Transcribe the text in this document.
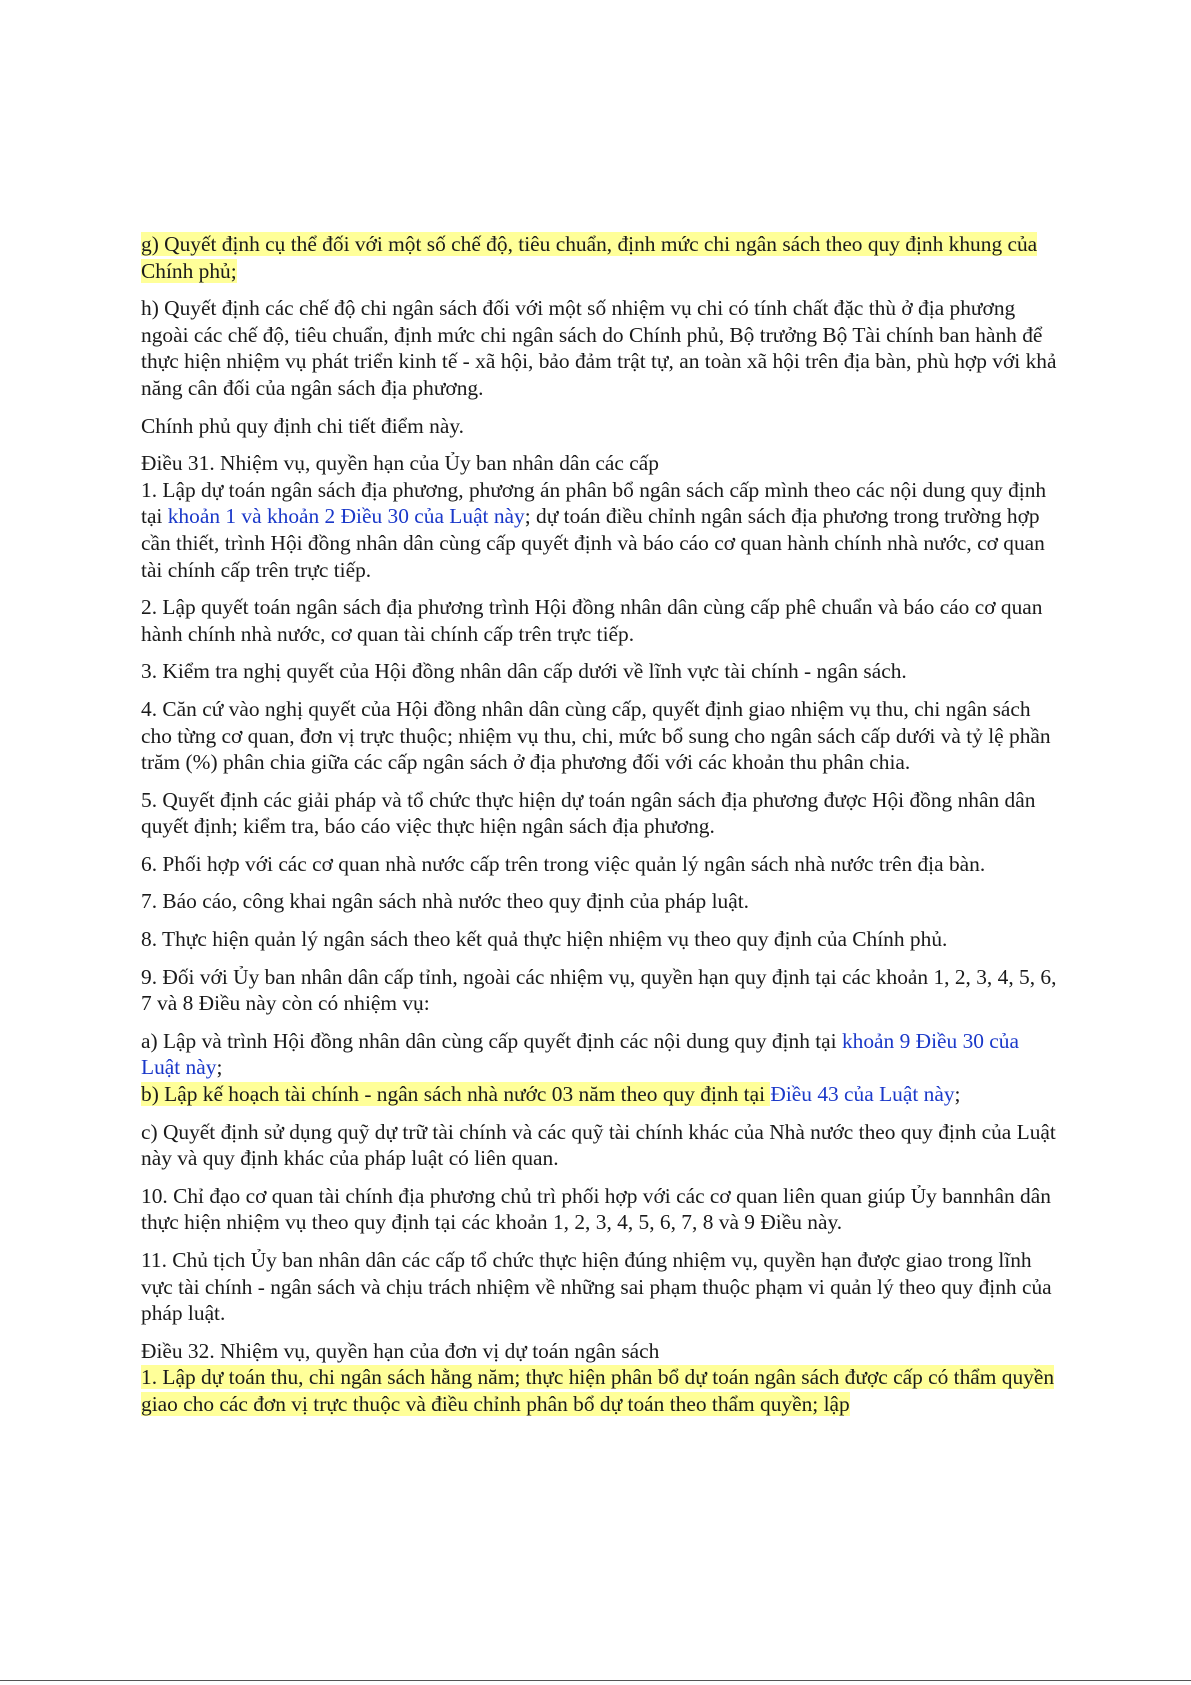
g) Quyết định cụ thể đối với một số chế độ, tiêu chuẩn, định mức chi ngân sách theo quy định khung của Chính phủ;

h) Quyết định các chế độ chi ngân sách đối với một số nhiệm vụ chi có tính chất đặc thù ở địa phương ngoài các chế độ, tiêu chuẩn, định mức chi ngân sách do Chính phủ, Bộ trưởng Bộ Tài chính ban hành để thực hiện nhiệm vụ phát triển kinh tế - xã hội, bảo đảm trật tự, an toàn xã hội trên địa bàn, phù hợp với khả năng cân đối của ngân sách địa phương.

Chính phủ quy định chi tiết điểm này.

Điều 31. Nhiệm vụ, quyền hạn của Ủy ban nhân dân các cấp

1. Lập dự toán ngân sách địa phương, phương án phân bổ ngân sách cấp mình theo các nội dung quy định tại khoản 1 và khoản 2 Điều 30 của Luật này; dự toán điều chỉnh ngân sách địa phương trong trường hợp cần thiết, trình Hội đồng nhân dân cùng cấp quyết định và báo cáo cơ quan hành chính nhà nước, cơ quan tài chính cấp trên trực tiếp.

2. Lập quyết toán ngân sách địa phương trình Hội đồng nhân dân cùng cấp phê chuẩn và báo cáo cơ quan hành chính nhà nước, cơ quan tài chính cấp trên trực tiếp.

3. Kiểm tra nghị quyết của Hội đồng nhân dân cấp dưới về lĩnh vực tài chính - ngân sách.

4. Căn cứ vào nghị quyết của Hội đồng nhân dân cùng cấp, quyết định giao nhiệm vụ thu, chi ngân sách cho từng cơ quan, đơn vị trực thuộc; nhiệm vụ thu, chi, mức bổ sung cho ngân sách cấp dưới và tỷ lệ phần trăm (%) phân chia giữa các cấp ngân sách ở địa phương đối với các khoản thu phân chia.

5. Quyết định các giải pháp và tổ chức thực hiện dự toán ngân sách địa phương được Hội đồng nhân dân quyết định; kiểm tra, báo cáo việc thực hiện ngân sách địa phương.

6. Phối hợp với các cơ quan nhà nước cấp trên trong việc quản lý ngân sách nhà nước trên địa bàn.

7. Báo cáo, công khai ngân sách nhà nước theo quy định của pháp luật.

8. Thực hiện quản lý ngân sách theo kết quả thực hiện nhiệm vụ theo quy định của Chính phủ.

9. Đối với Ủy ban nhân dân cấp tỉnh, ngoài các nhiệm vụ, quyền hạn quy định tại các khoản 1, 2, 3, 4, 5, 6, 7 và 8 Điều này còn có nhiệm vụ:

a) Lập và trình Hội đồng nhân dân cùng cấp quyết định các nội dung quy định tại khoản 9 Điều 30 của Luật này;

b) Lập kế hoạch tài chính - ngân sách nhà nước 03 năm theo quy định tại Điều 43 của Luật này;

c) Quyết định sử dụng quỹ dự trữ tài chính và các quỹ tài chính khác của Nhà nước theo quy định của Luật này và quy định khác của pháp luật có liên quan.

10. Chỉ đạo cơ quan tài chính địa phương chủ trì phối hợp với các cơ quan liên quan giúp Ủy bannhân dân thực hiện nhiệm vụ theo quy định tại các khoản 1, 2, 3, 4, 5, 6, 7, 8 và 9 Điều này.

11. Chủ tịch Ủy ban nhân dân các cấp tổ chức thực hiện đúng nhiệm vụ, quyền hạn được giao trong lĩnh vực tài chính - ngân sách và chịu trách nhiệm về những sai phạm thuộc phạm vi quản lý theo quy định của pháp luật.

Điều 32. Nhiệm vụ, quyền hạn của đơn vị dự toán ngân sách

1. Lập dự toán thu, chi ngân sách hằng năm; thực hiện phân bổ dự toán ngân sách được cấp có thẩm quyền giao cho các đơn vị trực thuộc và điều chỉnh phân bổ dự toán theo thẩm quyền; lập
